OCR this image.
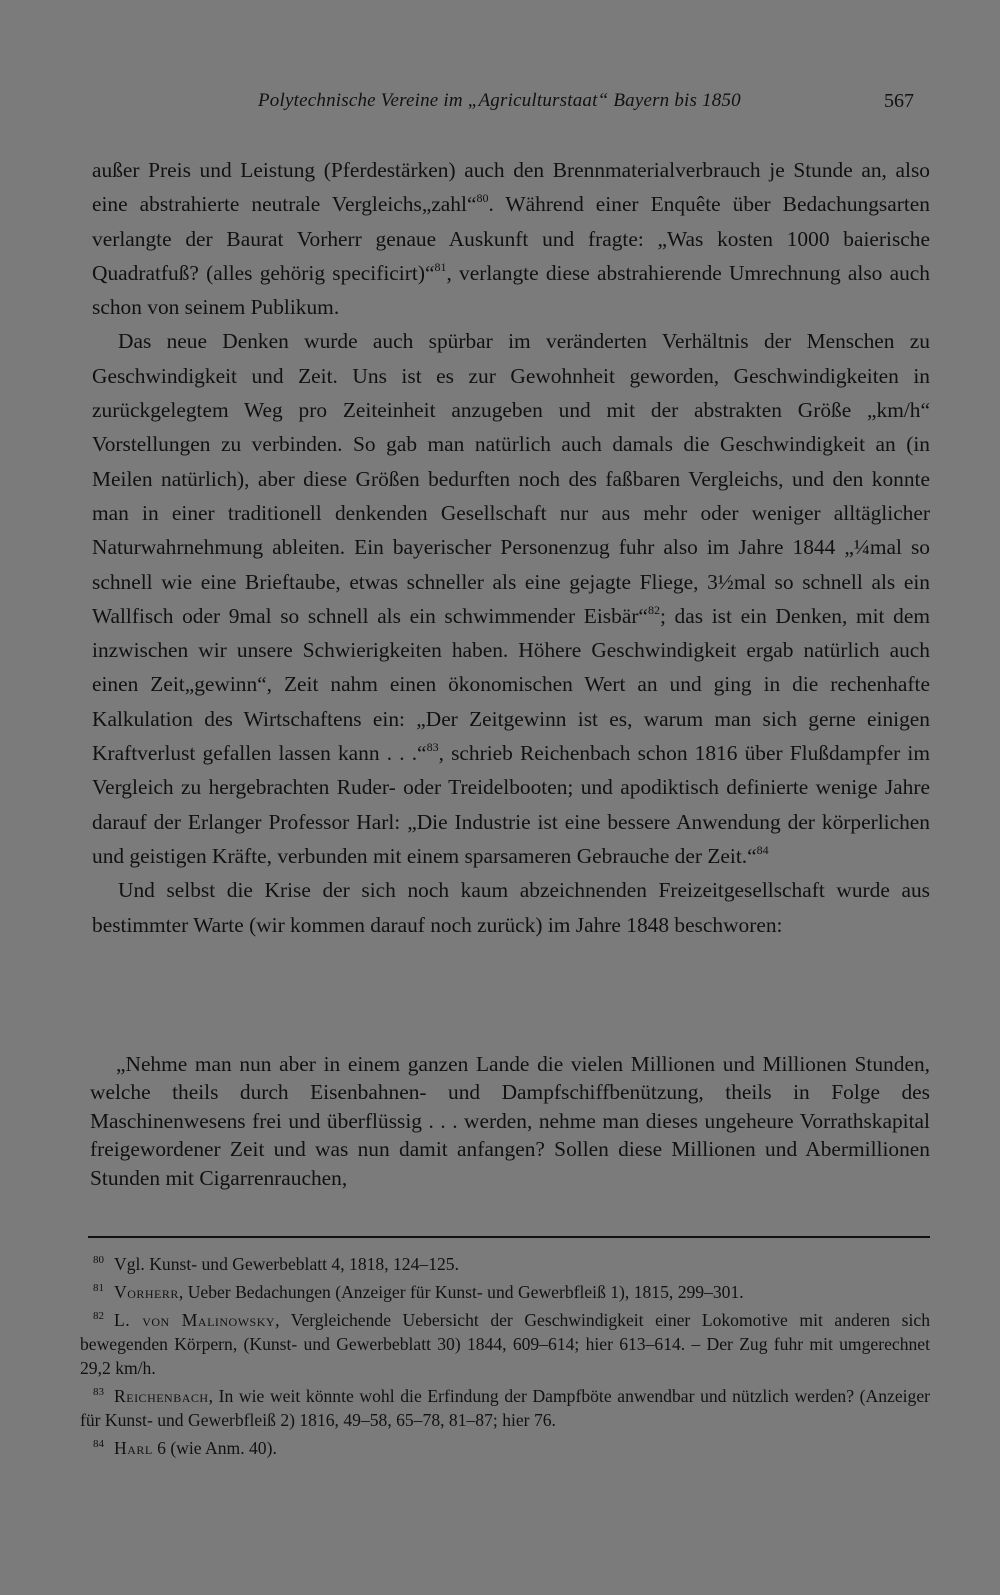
Polytechnische Vereine im „Agriculturstaat“ Bayern bis 1850	567

außer Preis und Leistung (Pferdestärken) auch den Brennmaterialverbrauch je Stunde an, also eine abstrahierte neutrale Vergleichs„zahl“$^{80}$. Während einer Enquête über Bedachungsarten verlangte der Baurat Vorherr genaue Auskunft und fragte: „Was kosten 1000 baierische Quadratfuß? (alles gehörig specificirt)“$^{81}$, verlangte diese abstrahierende Umrechnung also auch schon von seinem Publikum.

Das neue Denken wurde auch spürbar im veränderten Verhältnis der Menschen zu Geschwindigkeit und Zeit. Uns ist es zur Gewohnheit geworden, Geschwindigkeiten in zurückgelegtem Weg pro Zeiteinheit anzugeben und mit der abstrakten Größe „km/h“ Vorstellungen zu verbinden. So gab man natürlich auch damals die Geschwindigkeit an (in Meilen natürlich), aber diese Größen bedurften noch des faßbaren Vergleichs, und den konnte man in einer traditionell denkenden Gesellschaft nur aus mehr oder weniger alltäglicher Naturwahrnehmung ableiten. Ein bayerischer Personenzug fuhr also im Jahre 1844 „¼mal so schnell wie eine Brieftaube, etwas schneller als eine gejagte Fliege, 3½mal so schnell als ein Wallfisch oder 9mal so schnell als ein schwimmender Eisbär“$^{82}$; das ist ein Denken, mit dem inzwischen wir unsere Schwierigkeiten haben. Höhere Geschwindigkeit ergab natürlich auch einen Zeit„gewinn“, Zeit nahm einen ökonomischen Wert an und ging in die rechenhafte Kalkulation des Wirtschaftens ein: „Der Zeitgewinn ist es, warum man sich gerne einigen Kraftverlust gefallen lassen kann . . .“$^{83}$, schrieb Reichenbach schon 1816 über Flußdampfer im Vergleich zu hergebrachten Ruder- oder Treidelbooten; und apodiktisch definierte wenige Jahre darauf der Erlanger Professor Harl: „Die Industrie ist eine bessere Anwendung der körperlichen und geistigen Kräfte, verbunden mit einem sparsameren Gebrauche der Zeit.“$^{84}$

Und selbst die Krise der sich noch kaum abzeichnenden Freizeitgesellschaft wurde aus bestimmter Warte (wir kommen darauf noch zurück) im Jahre 1848 beschworen:

„Nehme man nun aber in einem ganzen Lande die vielen Millionen und Millionen Stunden, welche theils durch Eisenbahnen- und Dampfschiffbenützung, theils in Folge des Maschinenwesens frei und überflüssig . . . werden, nehme man dieses ungeheure Vorrathskapital freigewordener Zeit und was nun damit anfangen? Sollen diese Millionen und Abermillionen Stunden mit Cigarrenrauchen,

80 Vgl. Kunst- und Gewerbeblatt 4, 1818, 124–125.

81 Vorherr, Ueber Bedachungen (Anzeiger für Kunst- und Gewerbfleiß 1), 1815, 299–301.

82 L. von Malinowsky, Vergleichende Uebersicht der Geschwindigkeit einer Lokomotive mit anderen sich bewegenden Körpern, (Kunst- und Gewerbeblatt 30) 1844, 609–614; hier 613–614. – Der Zug fuhr mit umgerechnet 29,2 km/h.

83 Reichenbach, In wie weit könnte wohl die Erfindung der Dampfböte anwendbar und nützlich werden? (Anzeiger für Kunst- und Gewerbfleiß 2) 1816, 49–58, 65–78, 81–87; hier 76.

84 Harl 6 (wie Anm. 40).
